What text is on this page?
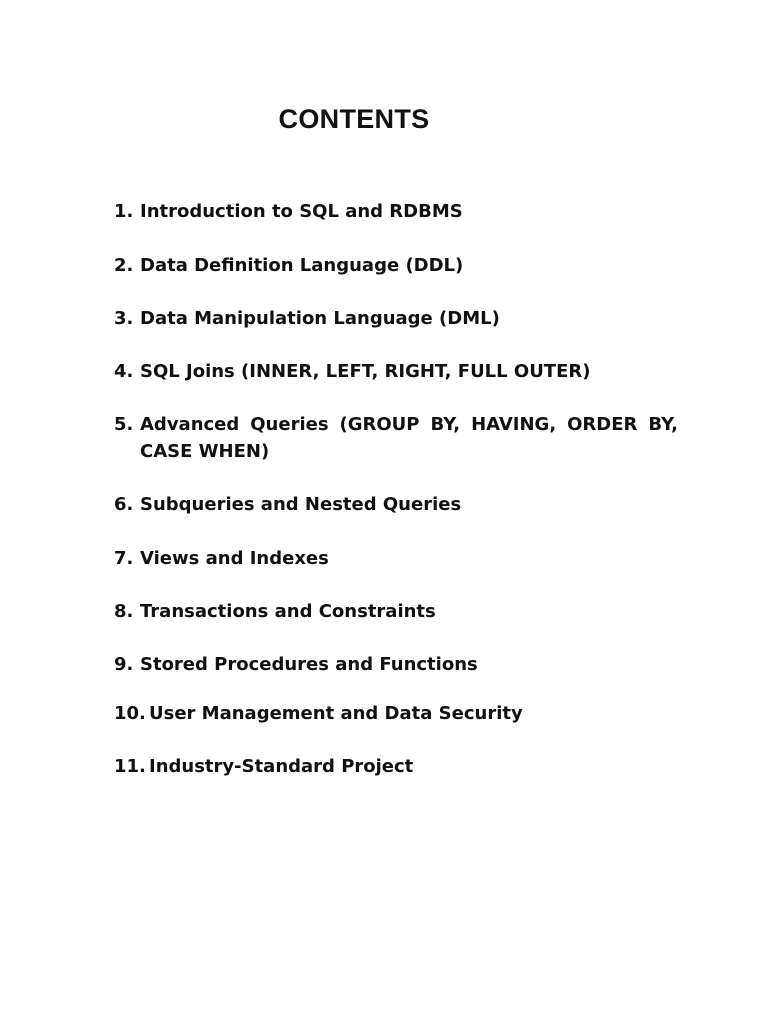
CONTENTS
1. Introduction to SQL and RDBMS
2. Data Definition Language (DDL)
3. Data Manipulation Language (DML)
4. SQL Joins (INNER, LEFT, RIGHT, FULL OUTER)
5. Advanced Queries (GROUP BY, HAVING, ORDER BY, CASE WHEN)
6. Subqueries and Nested Queries
7. Views and Indexes
8. Transactions and Constraints
9. Stored Procedures and Functions
10. User Management and Data Security
11. Industry-Standard Project
